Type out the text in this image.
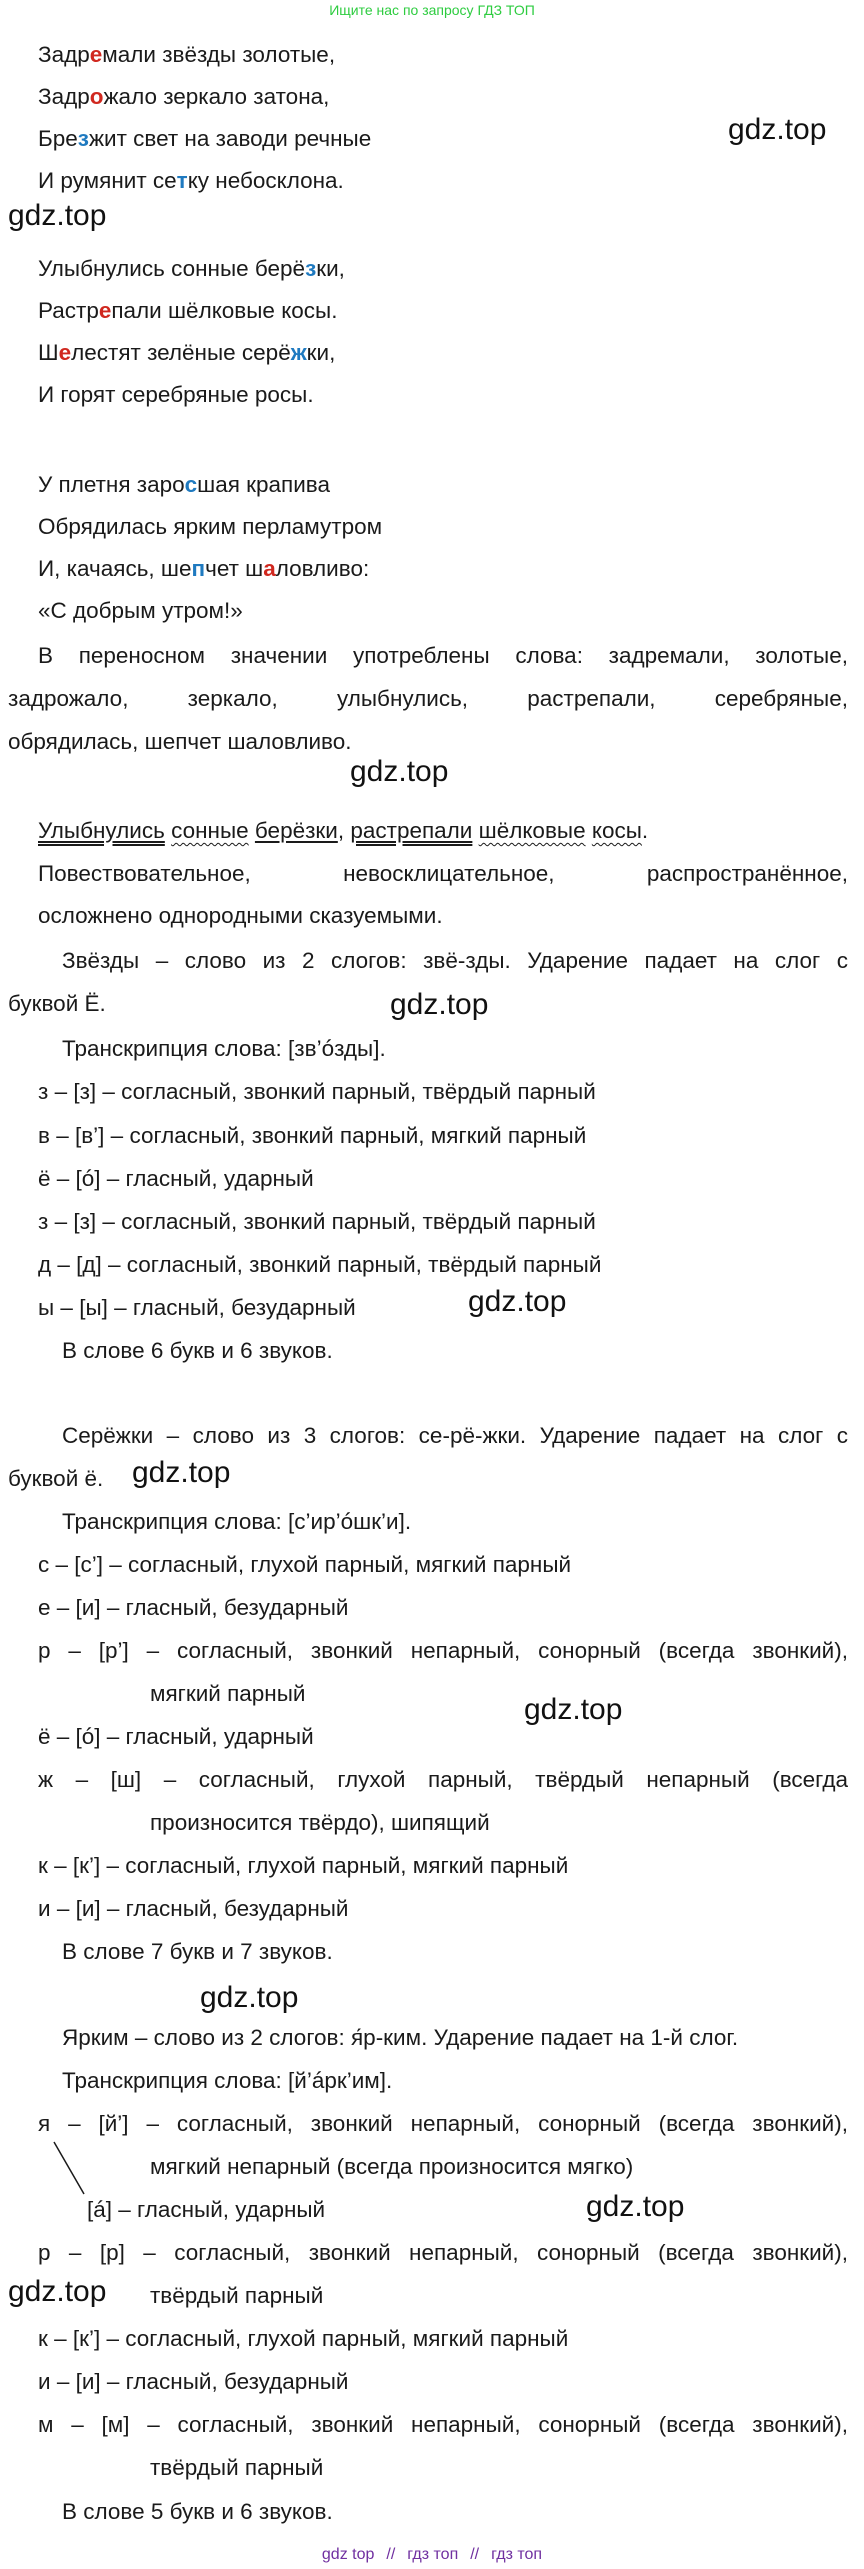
Ищите нас по запросу ГДЗ ТОП
Задремали звёзды золотые,
Задрожало зеркало затона,
Брезжит свет на заводи речные
И румянит сетку небосклона.
Улыбнулись сонные берёзки,
Растрепали шёлковые косы.
Шелестят зелёные серёжки,
И горят серебряные росы.
У плетня заросшая крапива
Обрядилась ярким перламутром
И, качаясь, шепчет шаловливо:
«С добрым утром!»
В переносном значении употреблены слова: задремали, золотые,
задрожало, зеркало, улыбнулись, растрепали, серебряные,
обрядилась, шепчет шаловливо.
Улыбнулись сонные берёзки, растрепали шёлковые косы.
Повествовательное, невосклицательное, распространённое,
осложнено однородными сказуемыми.
Звёзды – слово из 2 слогов: звё-зды. Ударение падает на слог с
буквой Ё.
Транскрипция слова: [зв’óзды].
з – [з] – согласный, звонкий парный, твёрдый парный
в – [в’] – согласный, звонкий парный, мягкий парный
ё – [ó] – гласный, ударный
з – [з] – согласный, звонкий парный, твёрдый парный
д – [д] – согласный, звонкий парный, твёрдый парный
ы – [ы] – гласный, безударный
В слове 6 букв и 6 звуков.
Серёжки – слово из 3 слогов: се-рё-жки. Ударение падает на слог с
буквой ё.
Транскрипция слова: [с’ир’óшк’и].
с – [с’] – согласный, глухой парный, мягкий парный
е – [и] – гласный, безударный
р – [р’] – согласный, звонкий непарный, сонорный (всегда звонкий),
мягкий парный
ё – [ó] – гласный, ударный
ж – [ш] – согласный, глухой парный, твёрдый непарный (всегда
произносится твёрдо), шипящий
к – [к’] – согласный, глухой парный, мягкий парный
и – [и] – гласный, безударный
В слове 7 букв и 7 звуков.
Ярким – слово из 2 слогов: я́р-ким. Ударение падает на 1-й слог.
Транскрипция слова: [й’áрк’им].
я – [й’] – согласный, звонкий непарный, сонорный (всегда звонкий),
мягкий непарный (всегда произносится мягко)
[á] – гласный, ударный
р – [р] – согласный, звонкий непарный, сонорный (всегда звонкий),
твёрдый парный
к – [к’] – согласный, глухой парный, мягкий парный
и – [и] – гласный, безударный
м – [м] – согласный, звонкий непарный, сонорный (всегда звонкий),
твёрдый парный
В слове 5 букв и 6 звуков.
gdz.top
gdz.top
gdz.top
gdz.top
gdz.top
gdz.top
gdz.top
gdz.top
gdz.top
gdz.top
gdz top // гдз топ // гдз топ
